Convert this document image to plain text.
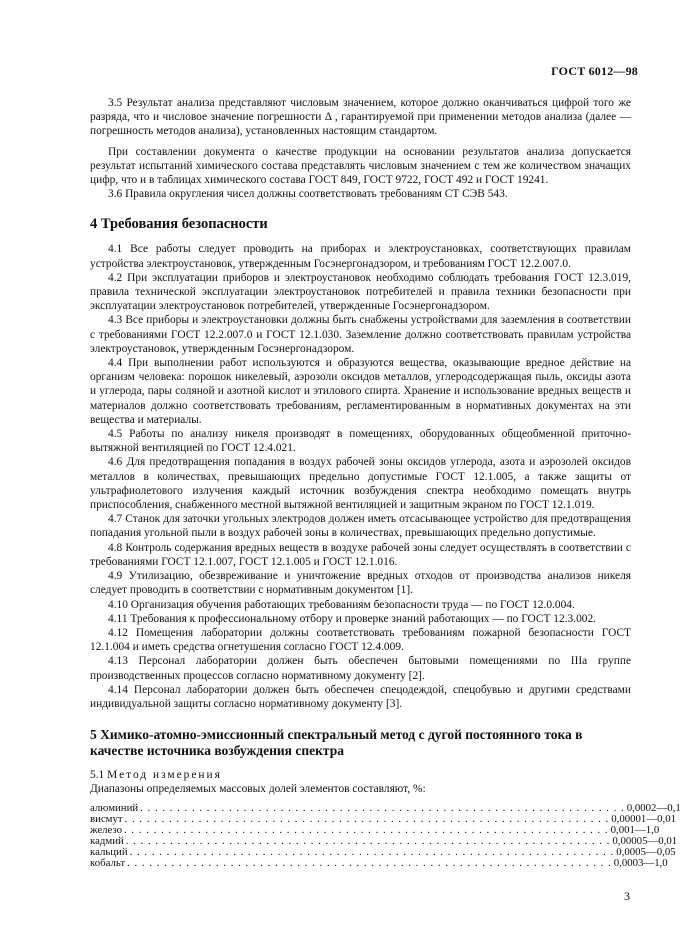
ГОСТ 6012—98

3.5 Результат анализа представляют числовым значением, которое должно оканчиваться цифрой того же разряда, что и числовое значение погрешности Δ , гарантируемой при применении методов анализа (далее — погрешность методов анализа), установленных настоящим стандартом.

При составлении документа о качестве продукции на основании результатов анализа допускается результат испытаний химического состава представлять числовым значением с тем же количеством значащих цифр, что и в таблицах химического состава ГОСТ 849, ГОСТ 9722, ГОСТ 492 и ГОСТ 19241.

3.6 Правила округления чисел должны соответствовать требованиям СТ СЭВ 543.

4 Требования безопасности

4.1 Все работы следует проводить на приборах и электроустановках, соответствующих правилам устройства электроустановок, утвержденным Госэнергонадзором, и требованиям ГОСТ 12.2.007.0.

4.2 При эксплуатации приборов и электроустановок необходимо соблюдать требования ГОСТ 12.3.019, правила технической эксплуатации электроустановок потребителей и правила техники безопасности при эксплуатации электроустановок потребителей, утвержденные Госэнергонадзором.

4.3 Все приборы и электроустановки должны быть снабжены устройствами для заземления в соответствии с требованиями ГОСТ 12.2.007.0 и ГОСТ 12.1.030. Заземление должно соответствовать правилам устройства электроустановок, утвержденным Госэнергонадзором.

4.4 При выполнении работ используются и образуются вещества, оказывающие вредное действие на организм человека: порошок никелевый, аэрозоли оксидов металлов, углеродсодержащая пыль, оксиды азота и углерода, пары соляной и азотной кислот и этилового спирта. Хранение и использование вредных веществ и материалов должно соответствовать требованиям, регламентированным в нормативных документах на эти вещества и материалы.

4.5 Работы по анализу никеля производят в помещениях, оборудованных общеобменной приточно-вытяжной вентиляцией по ГОСТ 12.4.021.

4.6 Для предотвращения попадания в воздух рабочей зоны оксидов углерода, азота и аэрозолей оксидов металлов в количествах, превышающих предельно допустимые ГОСТ 12.1.005, а также защиты от ультрафиолетового излучения каждый источник возбуждения спектра необходимо помещать внутрь приспособления, снабженного местной вытяжной вентиляцией и защитным экраном по ГОСТ 12.1.019.

4.7 Станок для заточки угольных электродов должен иметь отсасывающее устройство для предотвращения попадания угольной пыли в воздух рабочей зоны в количествах, превышающих предельно допустимые.

4.8 Контроль содержания вредных веществ в воздухе рабочей зоны следует осуществлять в соответствии с требованиями ГОСТ 12.1.007, ГОСТ 12.1.005 и ГОСТ 12.1.016.

4.9 Утилизацию, обезвреживание и уничтожение вредных отходов от производства анализов никеля следует проводить в соответствии с нормативным документом [1].

4.10 Организация обучения работающих требованиям безопасности труда — по ГОСТ 12.0.004.

4.11 Требования к профессиональному отбору и проверке знаний работающих — по ГОСТ 12.3.002.

4.12 Помещения лаборатории должны соответствовать требованиям пожарной безопасности ГОСТ 12.1.004 и иметь средства огнетушения согласно ГОСТ 12.4.009.

4.13 Персонал лаборатории должен быть обеспечен бытовыми помещениями по IIIа группе производственных процессов согласно нормативному документу [2].

4.14 Персонал лаборатории должен быть обеспечен спецодеждой, спецобувью и другими средствами индивидуальной защиты согласно нормативному документу [3].

5 Химико-атомно-эмиссионный спектральный метод с дугой постоянного тока в качестве источника возбуждения спектра

5.1 Метод измерения

Диапазоны определяемых массовых долей элементов составляют, %:

алюминий . . . . . . . . . . . . . . . . . . . . . . . . . . . . . . . . . . . . . . . . . . . . . . . . . . . . . . . . . . . . . . . . . . 0,0002—0,1
висмут . . . . . . . . . . . . . . . . . . . . . . . . . . . . . . . . . . . . . . . . . . . . . . . . . . . . . . . . . . . . . . . . . . 0,00001—0,01
железо . . . . . . . . . . . . . . . . . . . . . . . . . . . . . . . . . . . . . . . . . . . . . . . . . . . . . . . . . . . . . . . . . . 0,001—1,0
кадмий . . . . . . . . . . . . . . . . . . . . . . . . . . . . . . . . . . . . . . . . . . . . . . . . . . . . . . . . . . . . . . . . . . 0,00005—0,01
кальций . . . . . . . . . . . . . . . . . . . . . . . . . . . . . . . . . . . . . . . . . . . . . . . . . . . . . . . . . . . . . . . . . . 0,0005—0,05
кобальт . . . . . . . . . . . . . . . . . . . . . . . . . . . . . . . . . . . . . . . . . . . . . . . . . . . . . . . . . . . . . . . . . . 0,0003—1,0
3
